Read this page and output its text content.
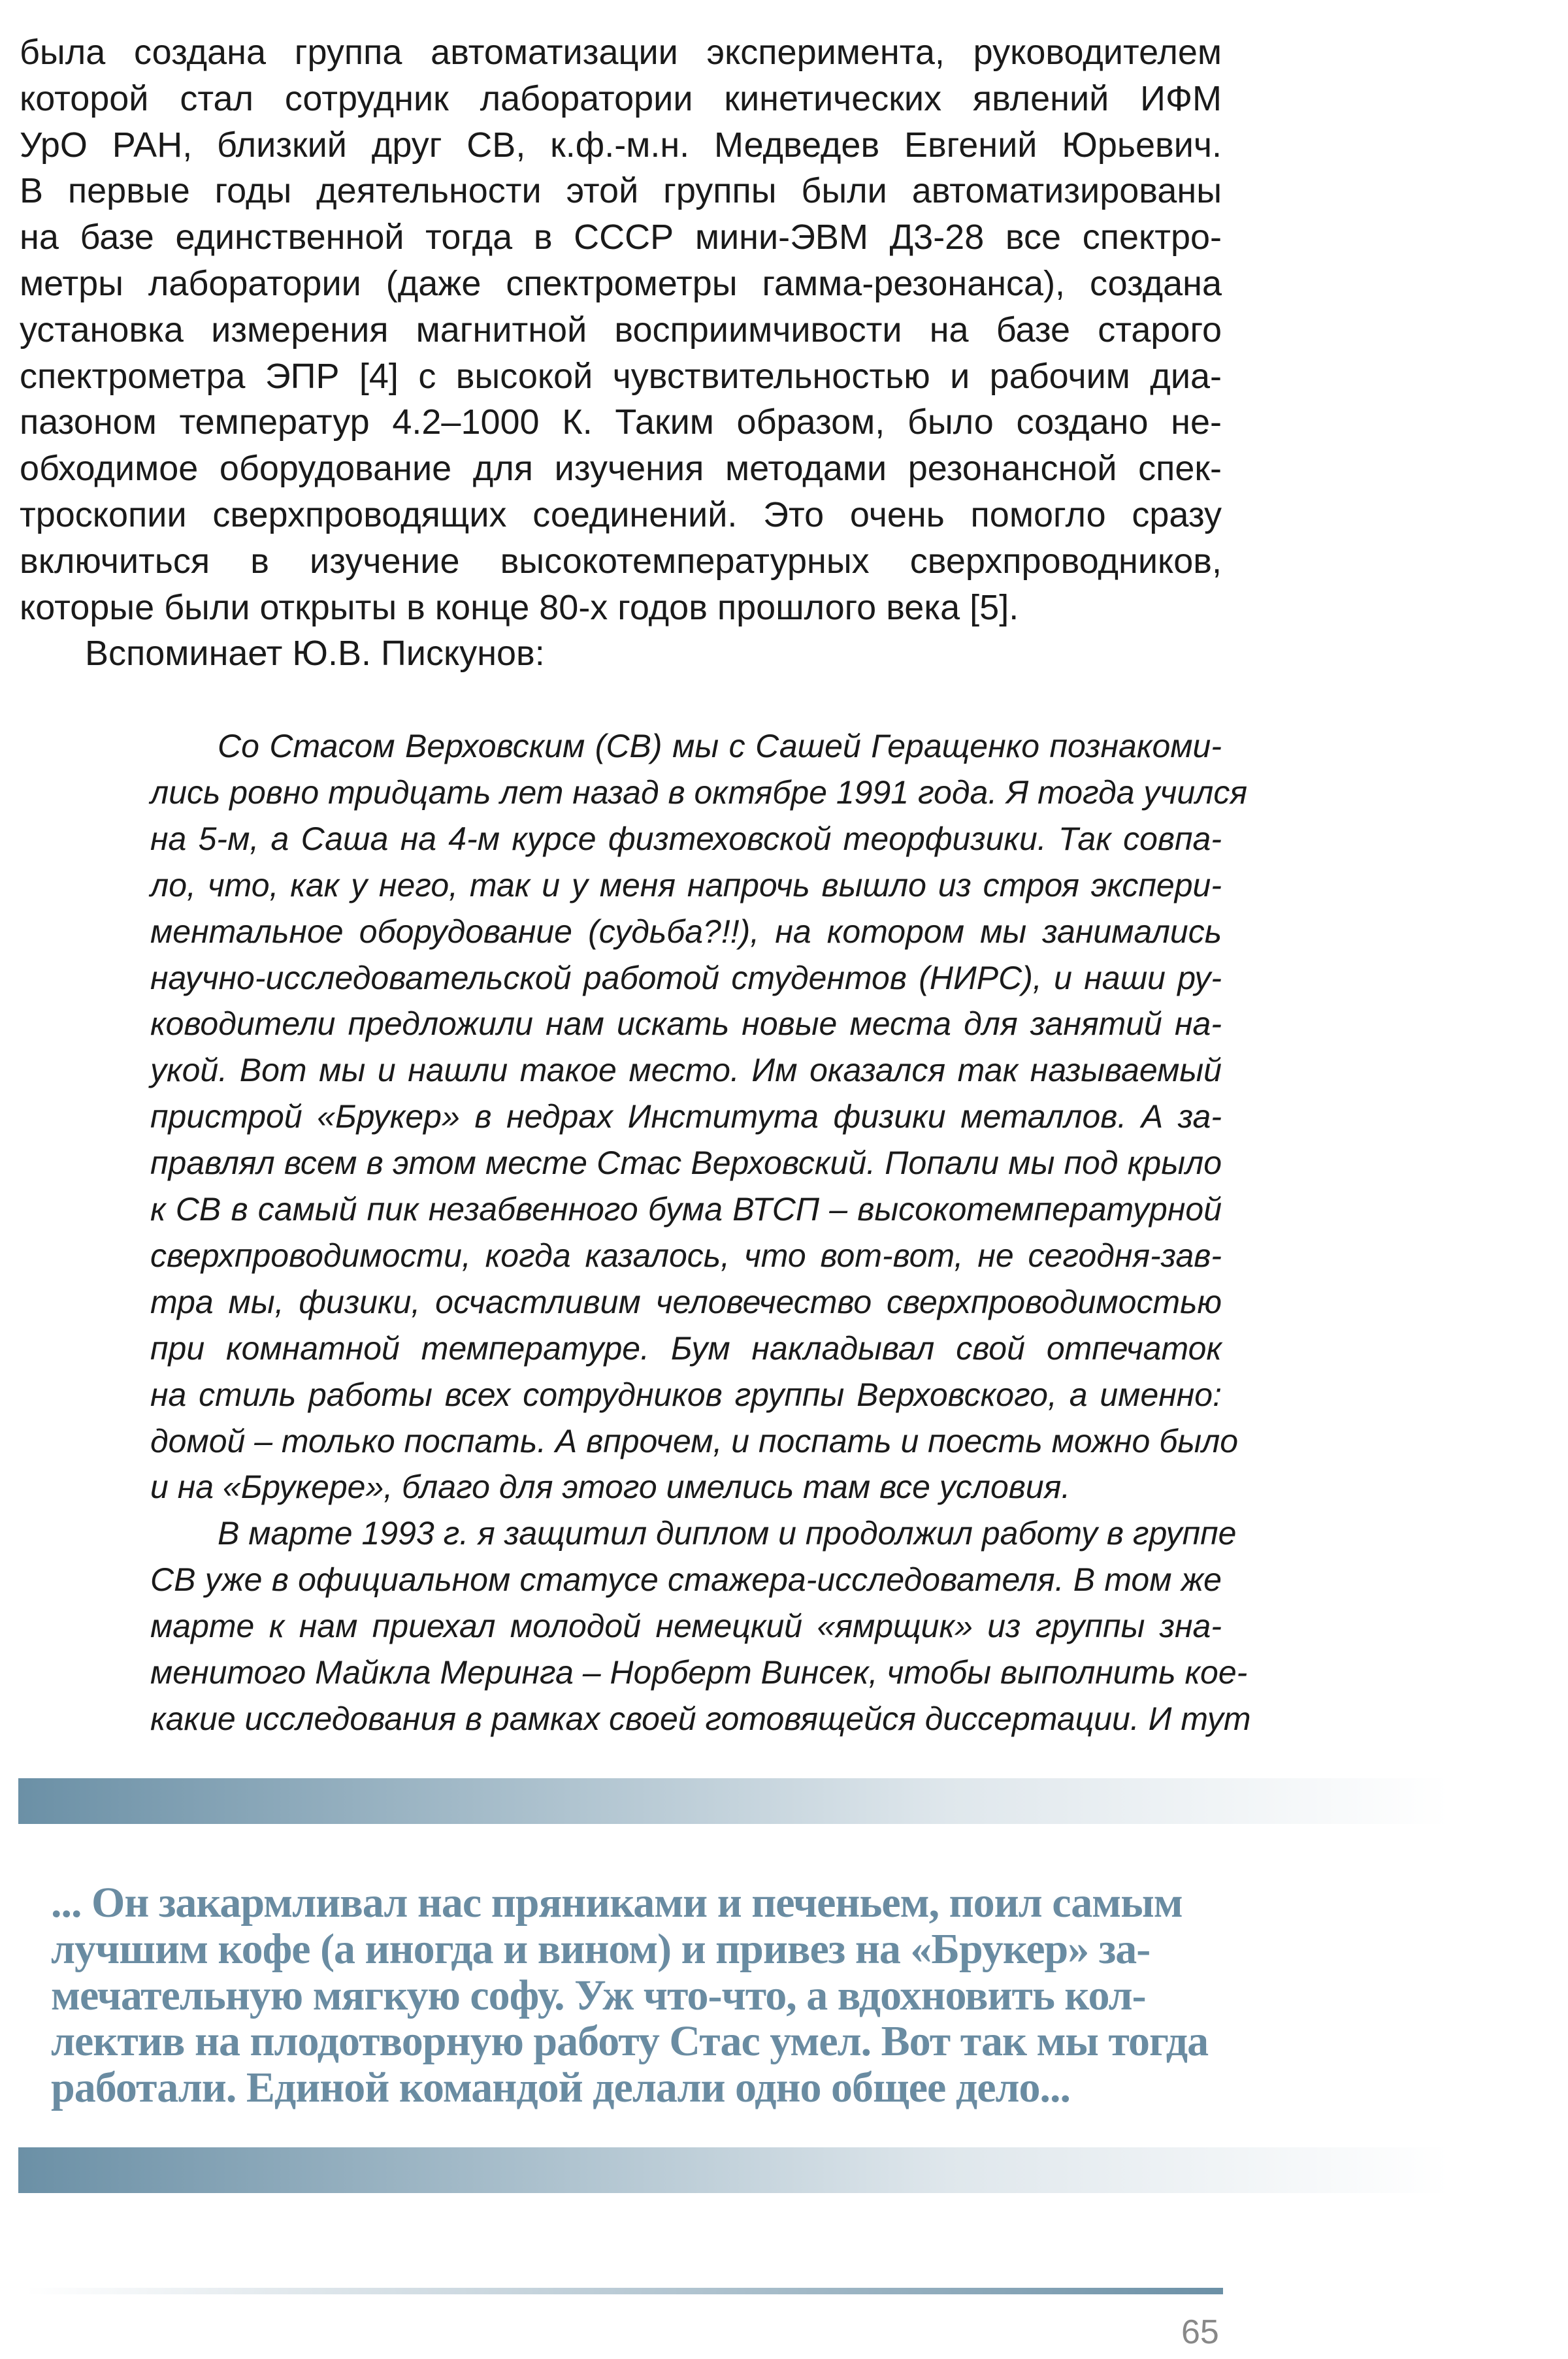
была создана группа автоматизации эксперимента, руководителем
которой стал сотрудник лаборатории кинетических явлений ИФМ
УрО РАН, близкий друг СВ, к.ф.-м.н. Медведев Евгений Юрьевич.
В первые годы деятельности этой группы были автоматизированы
на базе единственной тогда в СССР мини-ЭВМ Д3-28 все спектро-
метры лаборатории (даже спектрометры гамма-резонанса), создана
установка измерения магнитной восприимчивости на базе старого
спектрометра ЭПР [4] с высокой чувствительностью и рабочим диа-
пазоном температур 4.2–1000 К. Таким образом, было создано не-
обходимое оборудование для изучения методами резонансной спек-
троскопии сверхпроводящих соединений. Это очень помогло сразу
включиться в изучение высокотемпературных сверхпроводников,
которые были открыты в конце 80-х годов прошлого века [5].
Вспоминает Ю.В. Пискунов:
Со Стасом Верховским (СВ) мы с Сашей Геращенко познакоми-
лись ровно тридцать лет назад в октябре 1991 года. Я тогда учился
на 5-м, а Саша на 4-м курсе физтеховской теорфизики. Так совпа-
ло, что, как у него, так и у меня напрочь вышло из строя экспери-
ментальное оборудование (судьба?!!), на котором мы занимались
научно-исследовательской работой студентов (НИРС), и наши ру-
ководители предложили нам искать новые места для занятий на-
укой. Вот мы и нашли такое место. Им оказался так называемый
пристрой «Брукер» в недрах Института физики металлов. А за-
правлял всем в этом месте Стас Верховский. Попали мы под крыло
к СВ в самый пик незабвенного бума ВТСП – высокотемпературной
сверхпроводимости, когда казалось, что вот-вот, не сегодня-зав-
тра мы, физики, осчастливим человечество сверхпроводимостью
при комнатной температуре. Бум накладывал свой отпечаток
на стиль работы всех сотрудников группы Верховского, а именно:
домой – только поспать. А впрочем, и поспать и поесть можно было
и на «Брукере», благо для этого имелись там все условия.
В марте 1993 г. я защитил диплом и продолжил работу в группе
СВ уже в официальном статусе стажера-исследователя. В том же
марте к нам приехал молодой немецкий «ямрщик» из группы зна-
менитого Майкла Меринга – Норберт Винсек, чтобы выполнить кое-
какие исследования в рамках своей готовящейся диссертации. И тут
... Он закармливал нас пряниками и печеньем, поил самым
лучшим кофе (а иногда и вином) и привез на «Брукер» за-
мечательную мягкую софу. Уж что-что, а вдохновить кол-
лектив на плодотворную работу Стас умел. Вот так мы тогда
работали. Единой командой делали одно общее дело...
65
